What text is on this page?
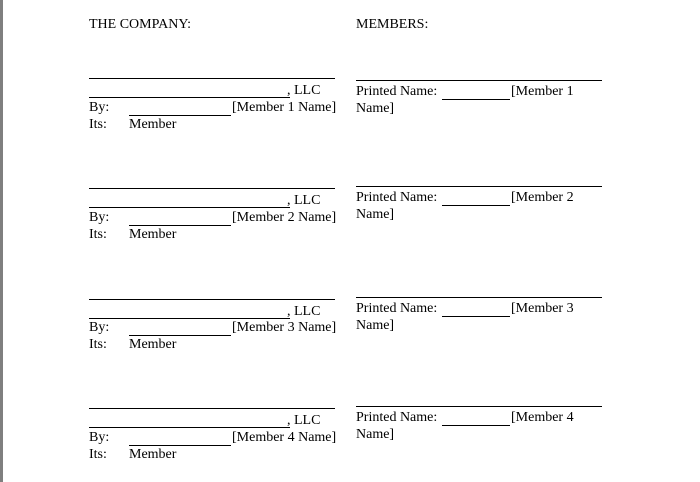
THE COMPANY:	MEMBERS:
, LLC
By:	[Member 1 Name]
Its: Member
Printed Name:	[Member 1
Name]
, LLC
By:	[Member 2 Name]
Its: Member
Printed Name:	[Member 2
Name]
, LLC
By:	[Member 3 Name]
Its: Member
Printed Name:	[Member 3
Name]
, LLC
By:	[Member 4 Name]
Its: Member
Printed Name:	[Member 4
Name]
